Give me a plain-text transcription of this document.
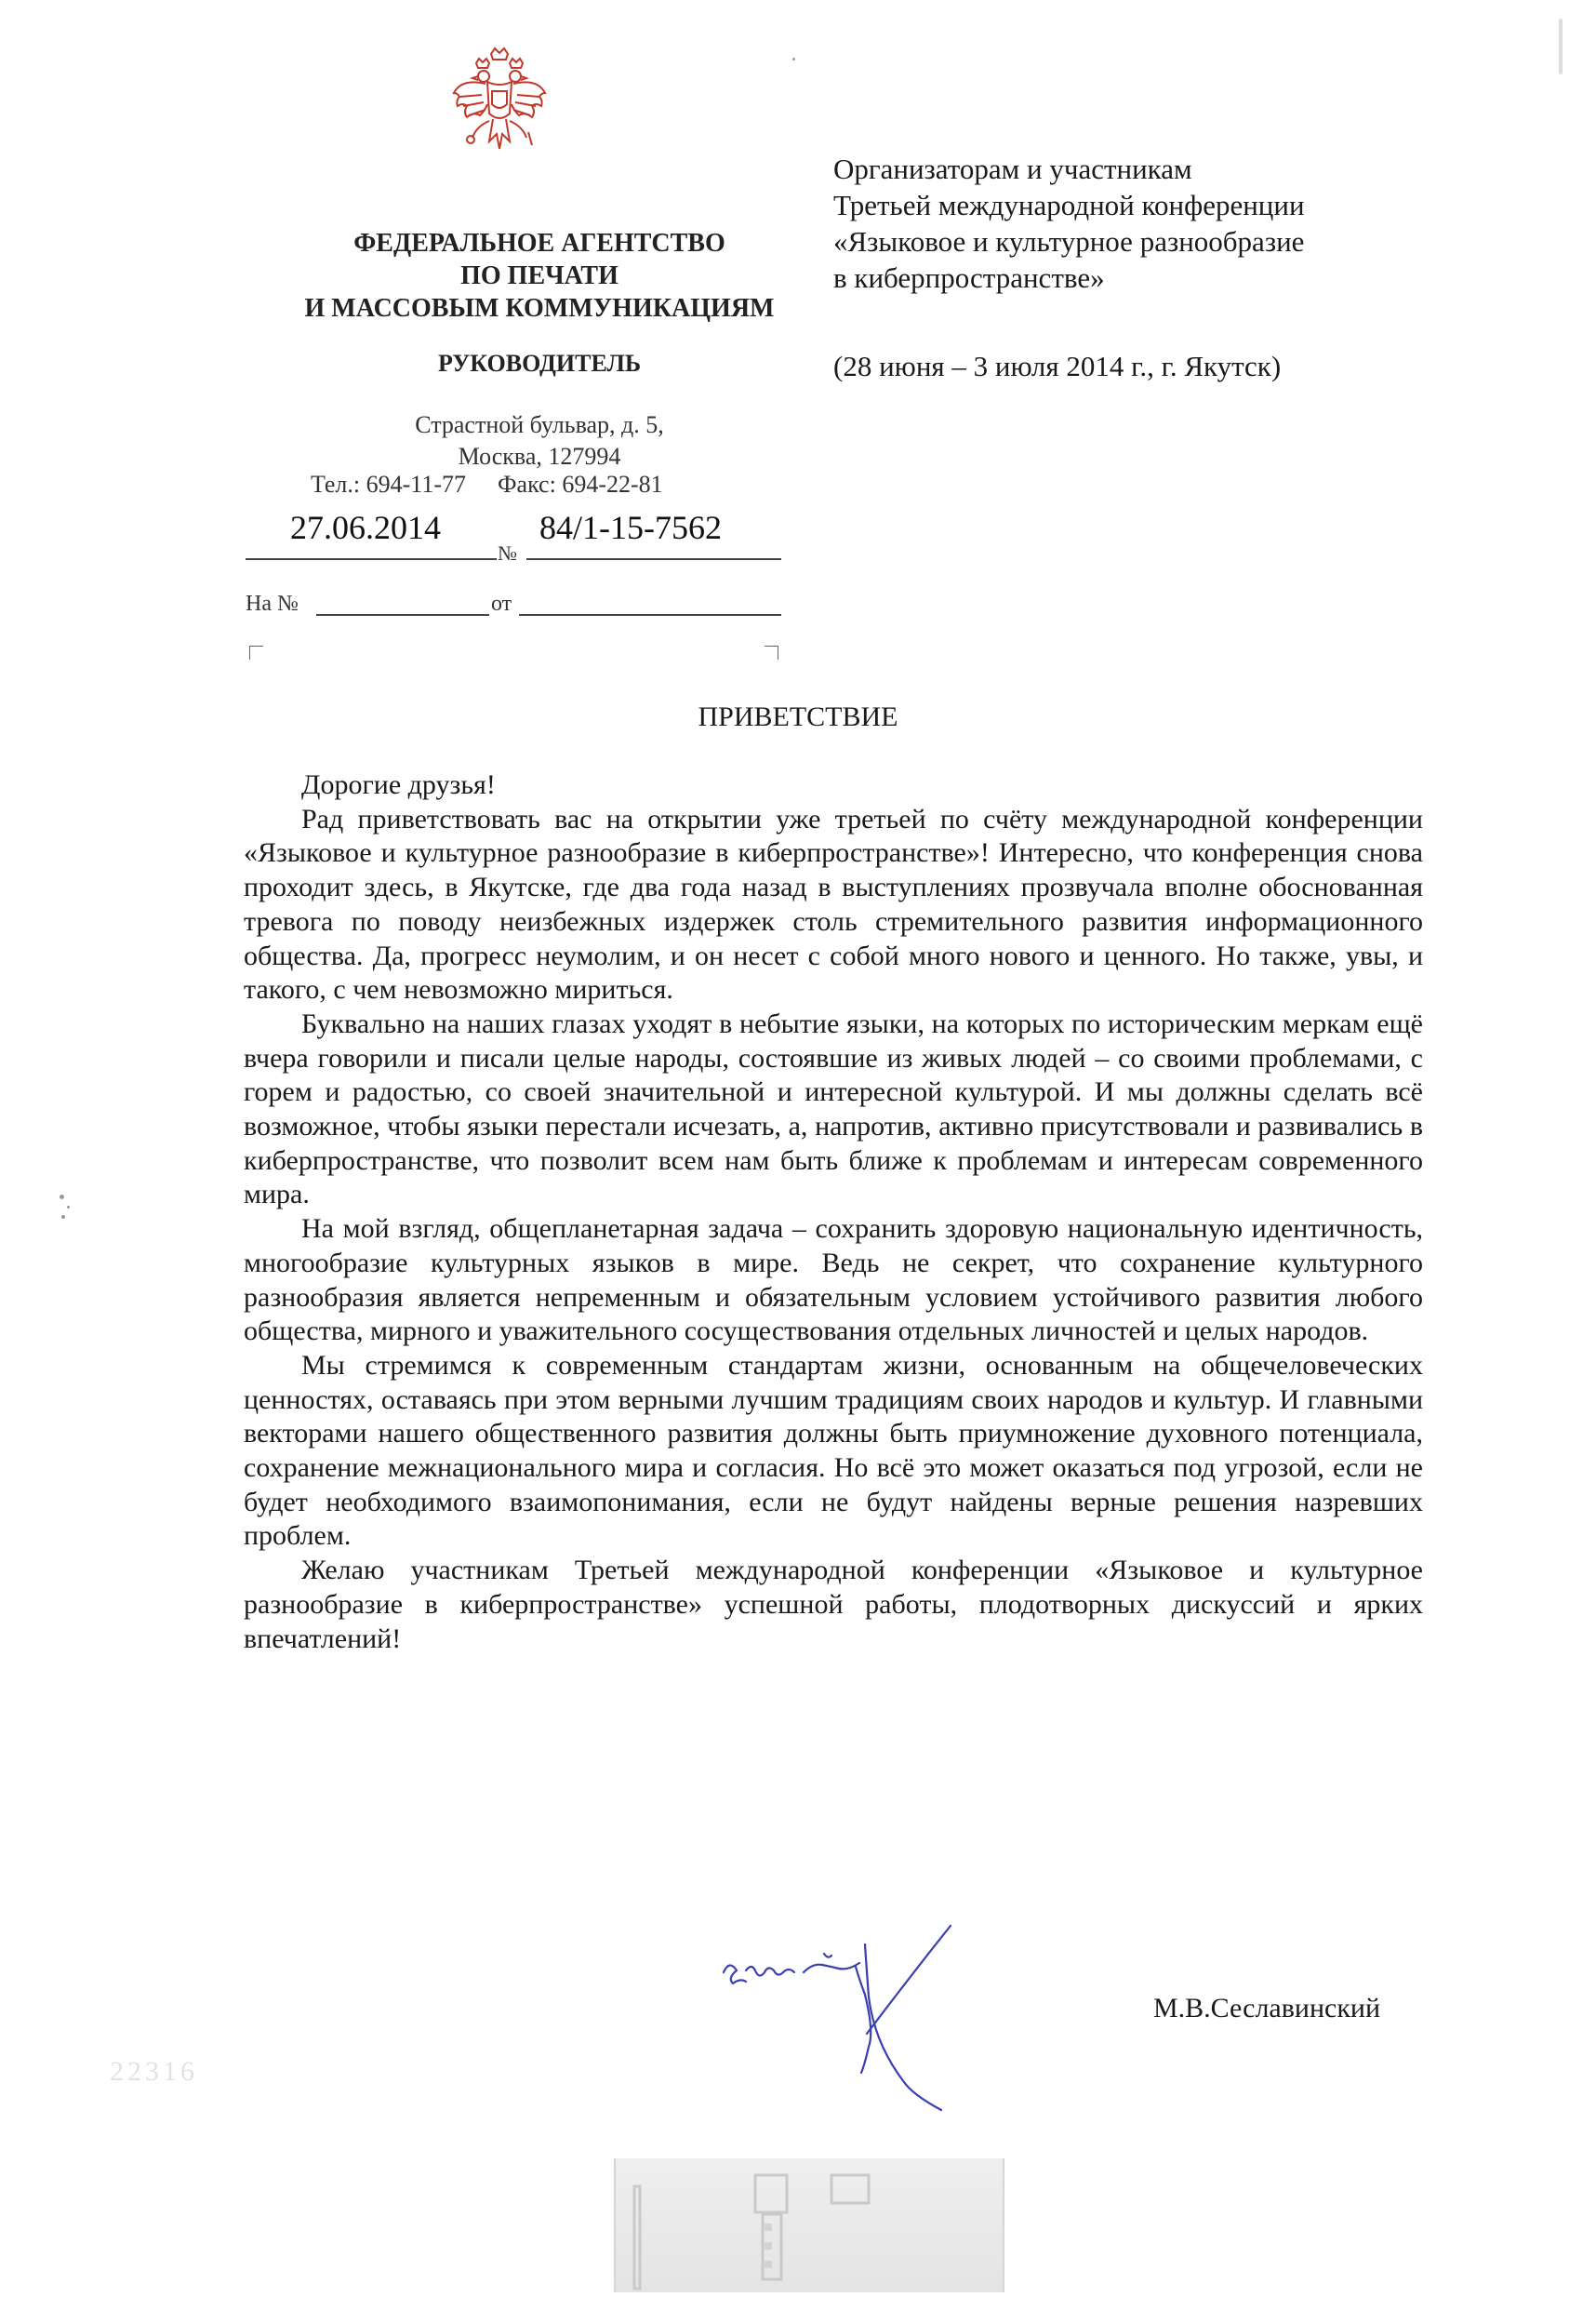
ФЕДЕРАЛЬНОЕ АГЕНТСТВО
ПО ПЕЧАТИ
И МАССОВЫМ КОММУНИКАЦИЯМ
РУКОВОДИТЕЛЬ
Страстной бульвар, д. 5,
Москва, 127994
Тел.: 694-11-77 Факс: 694-22-81
27.06.2014	84/1-15-7562
№
На №	от
Организаторам и участникам
Третьей международной конференции
«Языковое и культурное разнообразие
в киберпространстве»
(28 июня – 3 июля 2014 г., г. Якутск)
ПРИВЕТСТВИЕ

Дорогие друзья!

Рад приветствовать вас на открытии уже третьей по счёту международной конференции «Языковое и культурное разнообразие в киберпространстве»! Интересно, что конференция снова проходит здесь, в Якутске, где два года назад в выступлениях прозвучала вполне обоснованная тревога по поводу неизбежных издержек столь стремительного развития информационного общества. Да, прогресс неумолим, и он несет с собой много нового и ценного. Но также, увы, и такого, с чем невозможно мириться.

Буквально на наших глазах уходят в небытие языки, на которых по историческим меркам ещё вчера говорили и писали целые народы, состоявшие из живых людей – со своими проблемами, с горем и радостью, со своей значительной и интересной культурой. И мы должны сделать всё возможное, чтобы языки перестали исчезать, а, напротив, активно присутствовали и развивались в киберпространстве, что позволит всем нам быть ближе к проблемам и интересам современного мира.

На мой взгляд, общепланетарная задача – сохранить здоровую национальную идентичность, многообразие культурных языков в мире. Ведь не секрет, что сохранение культурного разнообразия является непременным и обязательным условием устойчивого развития любого общества, мирного и уважительного сосуществования отдельных личностей и целых народов.

Мы стремимся к современным стандартам жизни, основанным на общечеловеческих ценностях, оставаясь при этом верными лучшим традициям своих народов и культур. И главными векторами нашего общественного развития должны быть приумножение духовного потенциала, сохранение межнационального мира и согласия. Но всё это может оказаться под угрозой, если не будет необходимого взаимопонимания, если не будут найдены верные решения назревших проблем.

Желаю участникам Третьей международной конференции «Языковое и культурное разнообразие в киберпространстве» успешной работы, плодотворных дискуссий и ярких впечатлений!

М.В.Сеславинский
22316
